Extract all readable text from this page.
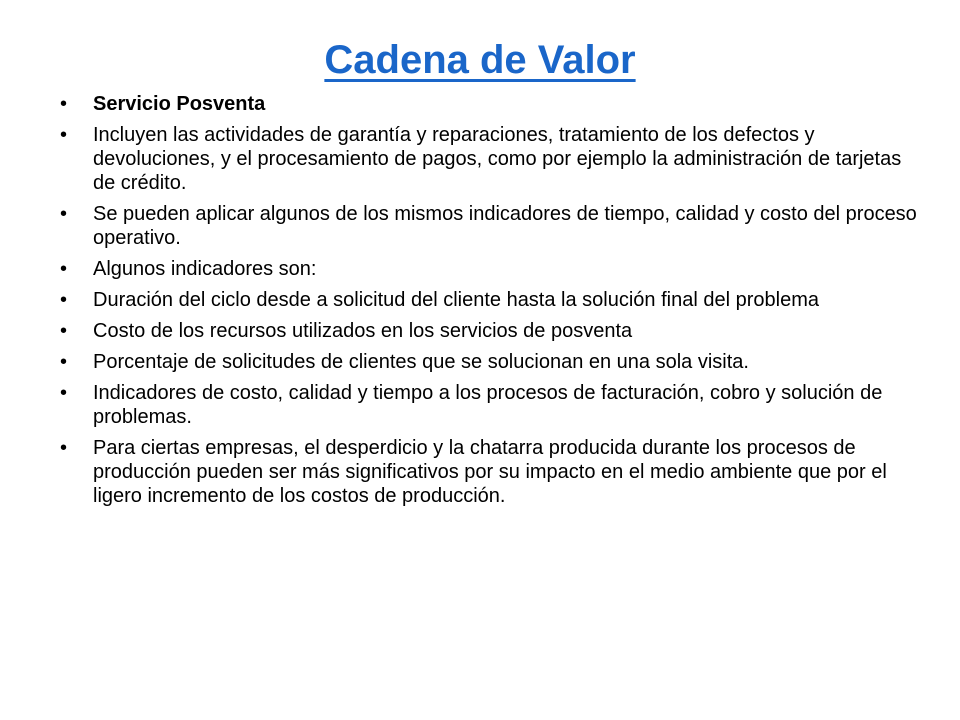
Cadena de Valor
•	Servicio Posventa
•	Incluyen las actividades de garantía y reparaciones, tratamiento de los defectos y devoluciones, y el procesamiento de pagos, como por ejemplo la administración de tarjetas de crédito.
•	Se pueden aplicar algunos de los mismos indicadores de tiempo, calidad y costo del proceso operativo.
•	Algunos indicadores son:
•	Duración del ciclo desde a solicitud del cliente hasta la solución final del problema
•	Costo de los recursos utilizados en los servicios de posventa
•	Porcentaje de solicitudes de clientes que se solucionan en una sola visita.
•	Indicadores de costo, calidad y tiempo a los procesos de facturación, cobro y solución de problemas.
•	Para ciertas empresas, el desperdicio y la chatarra producida durante los procesos de producción pueden ser más significativos por su impacto en el medio ambiente que por el ligero incremento de los costos de producción.
